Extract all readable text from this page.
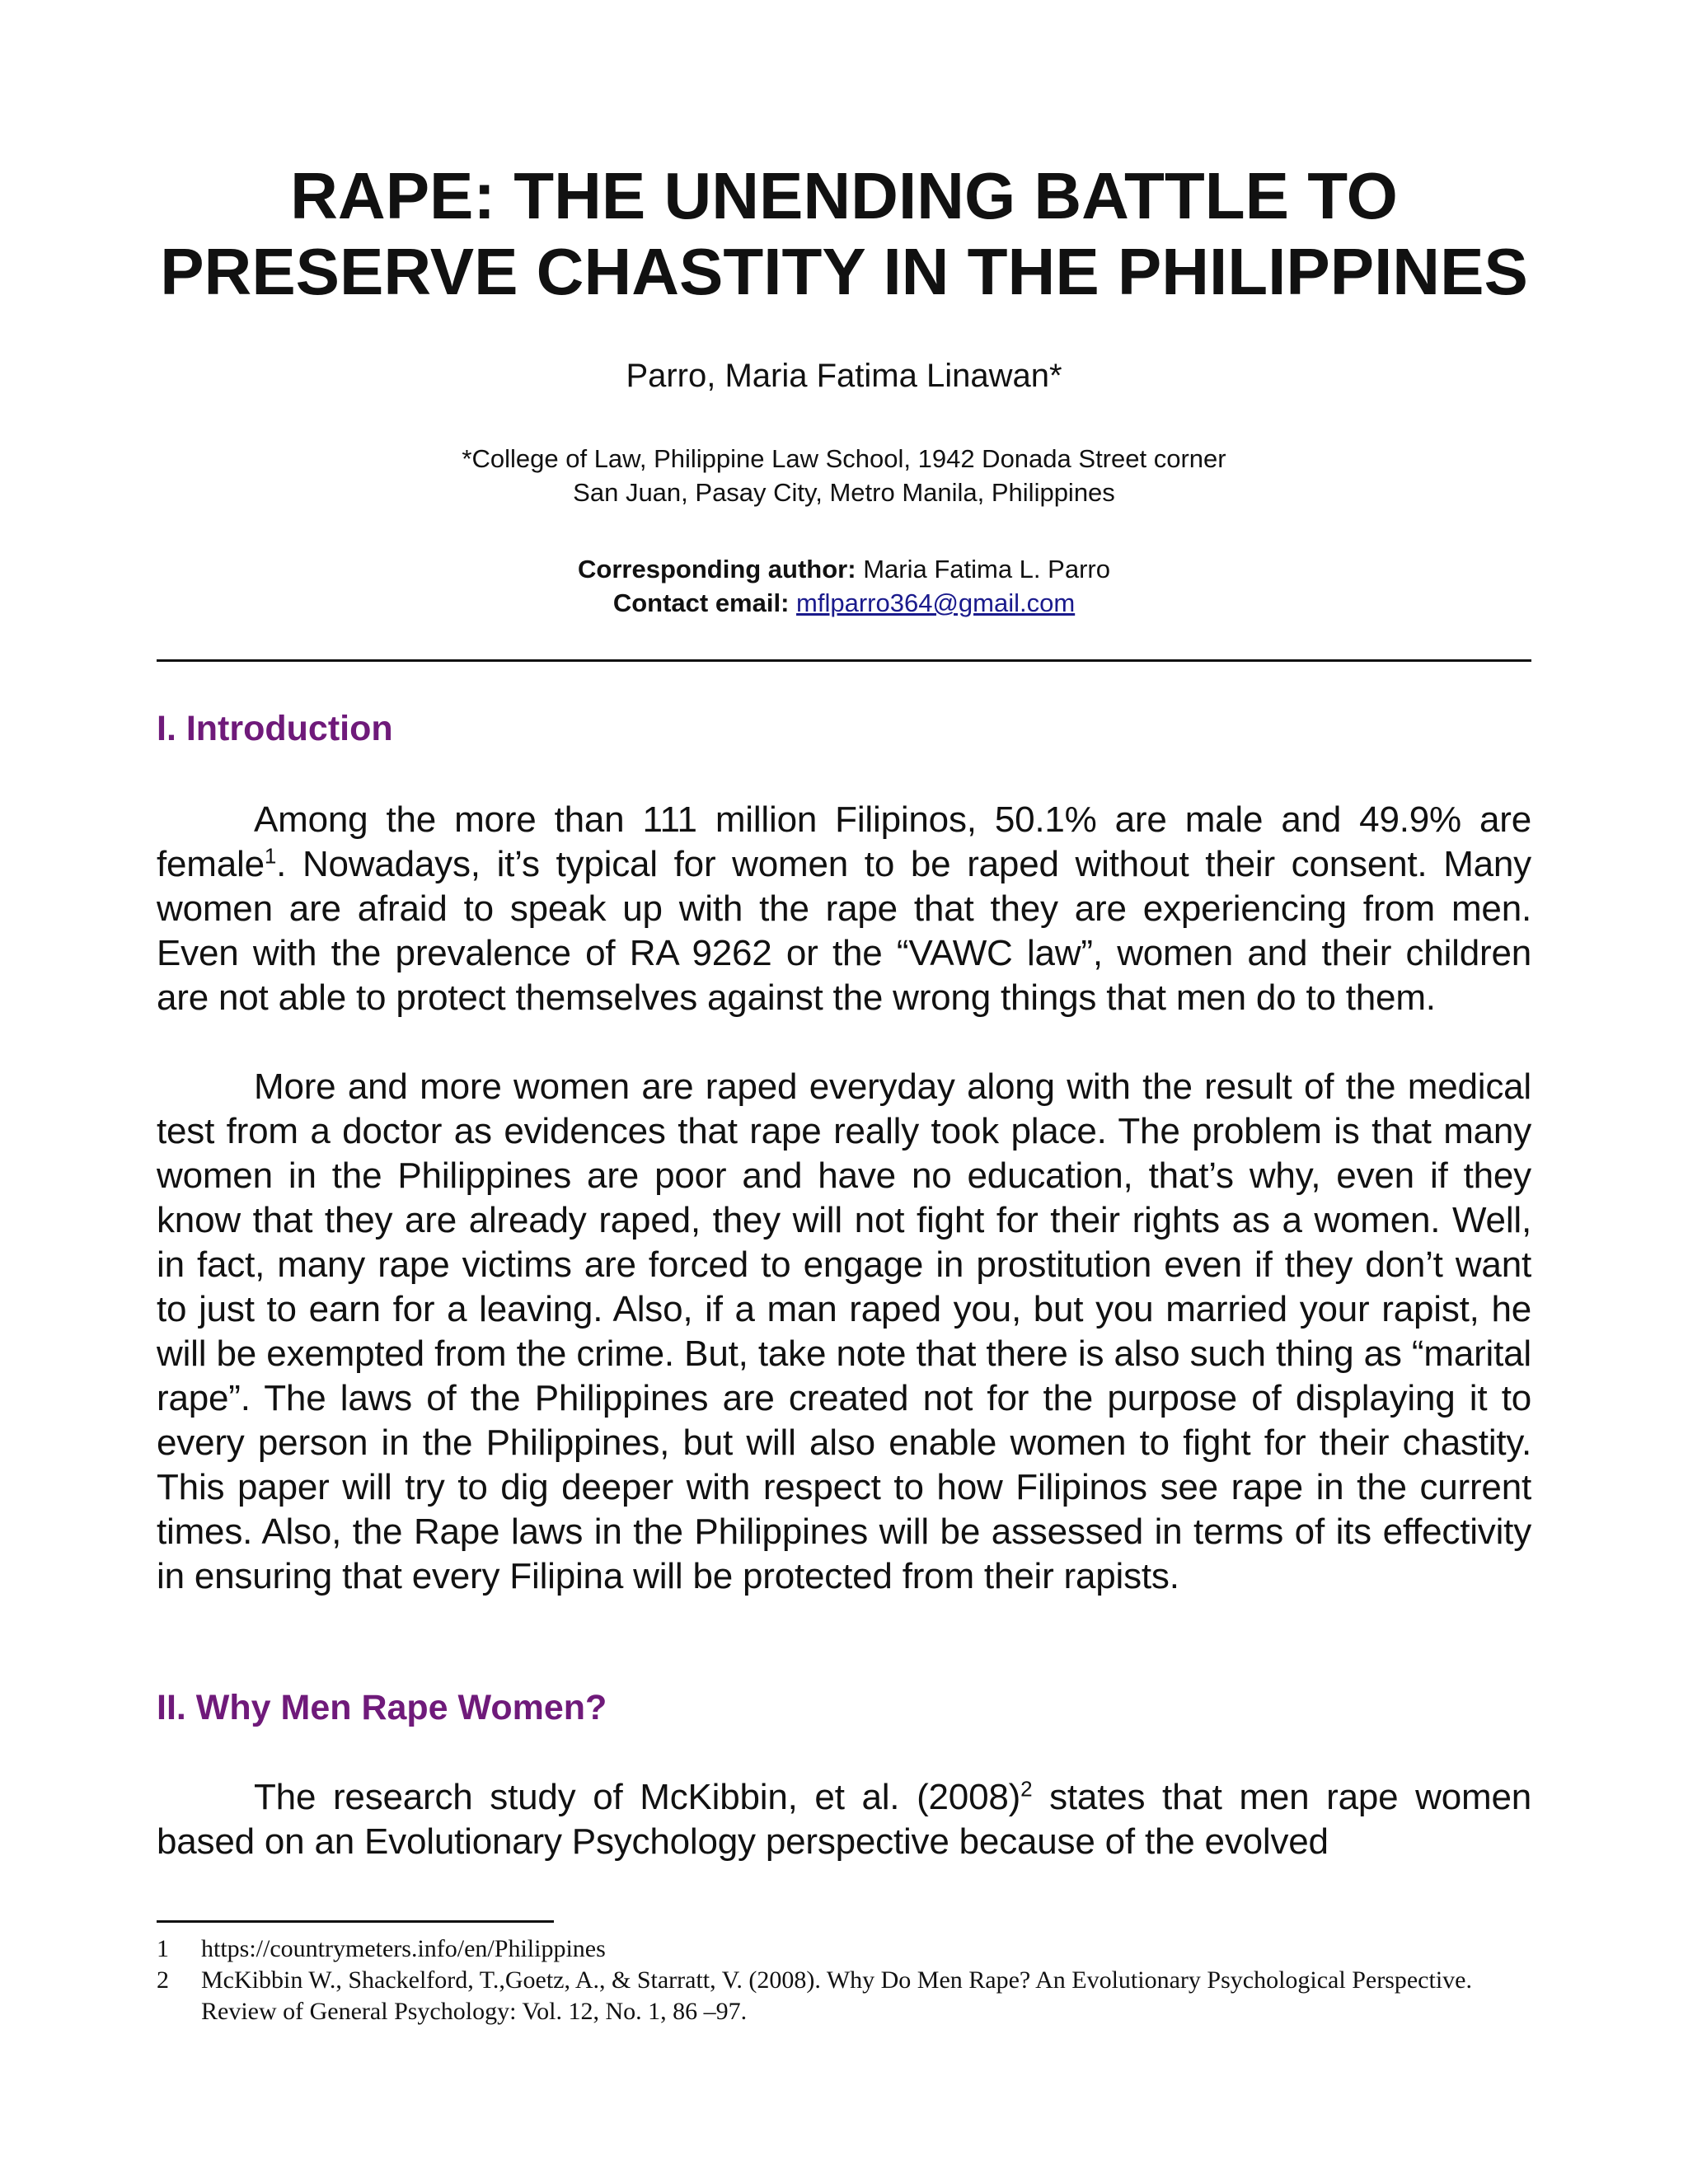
RAPE: THE UNENDING BATTLE TO
PRESERVE CHASTITY IN THE PHILIPPINES
Parro, Maria Fatima Linawan*
*College of Law, Philippine Law School, 1942 Donada Street corner
San Juan, Pasay City, Metro Manila, Philippines
Corresponding author: Maria Fatima L. Parro
Contact email: mflparro364@gmail.com
I. Introduction

Among the more than 111 million Filipinos, 50.1% are male and 49.9% are female$^1$. Nowadays, it’s typical for women to be raped without their consent. Many women are afraid to speak up with the rape that they are experiencing from men. Even with the prevalence of RA 9262 or the “VAWC law”, women and their children are not able to protect themselves against the wrong things that men do to them.

More and more women are raped everyday along with the result of the medical test from a doctor as evidences that rape really took place. The problem is that many women in the Philippines are poor and have no education, that’s why, even if they know that they are already raped, they will not fight for their rights as a women. Well, in fact, many rape victims are forced to engage in prostitution even if they don’t want to just to earn for a leaving. Also, if a man raped you, but you married your rapist, he will be exempted from the crime. But, take note that there is also such thing as “marital rape”. The laws of the Philippines are created not for the purpose of displaying it to every person in the Philippines, but will also enable women to fight for their chastity. This paper will try to dig deeper with respect to how Filipinos see rape in the current times. Also, the Rape laws in the Philippines will be assessed in terms of its effectivity in ensuring that every Filipina will be protected from their rapists.

II. Why Men Rape Women?

The research study of McKibbin, et al. $(2008)^2$ states that men rape women based on an Evolutionary Psychology perspective because of the evolved

1	https://countrymeters.info/en/Philippines
2	McKibbin W., Shackelford, T.,Goetz, A., & Starratt, V. (2008). Why Do Men Rape? An Evolutionary Psychological Perspective. Review of General Psychology: Vol. 12, No. 1, 86 –97.
